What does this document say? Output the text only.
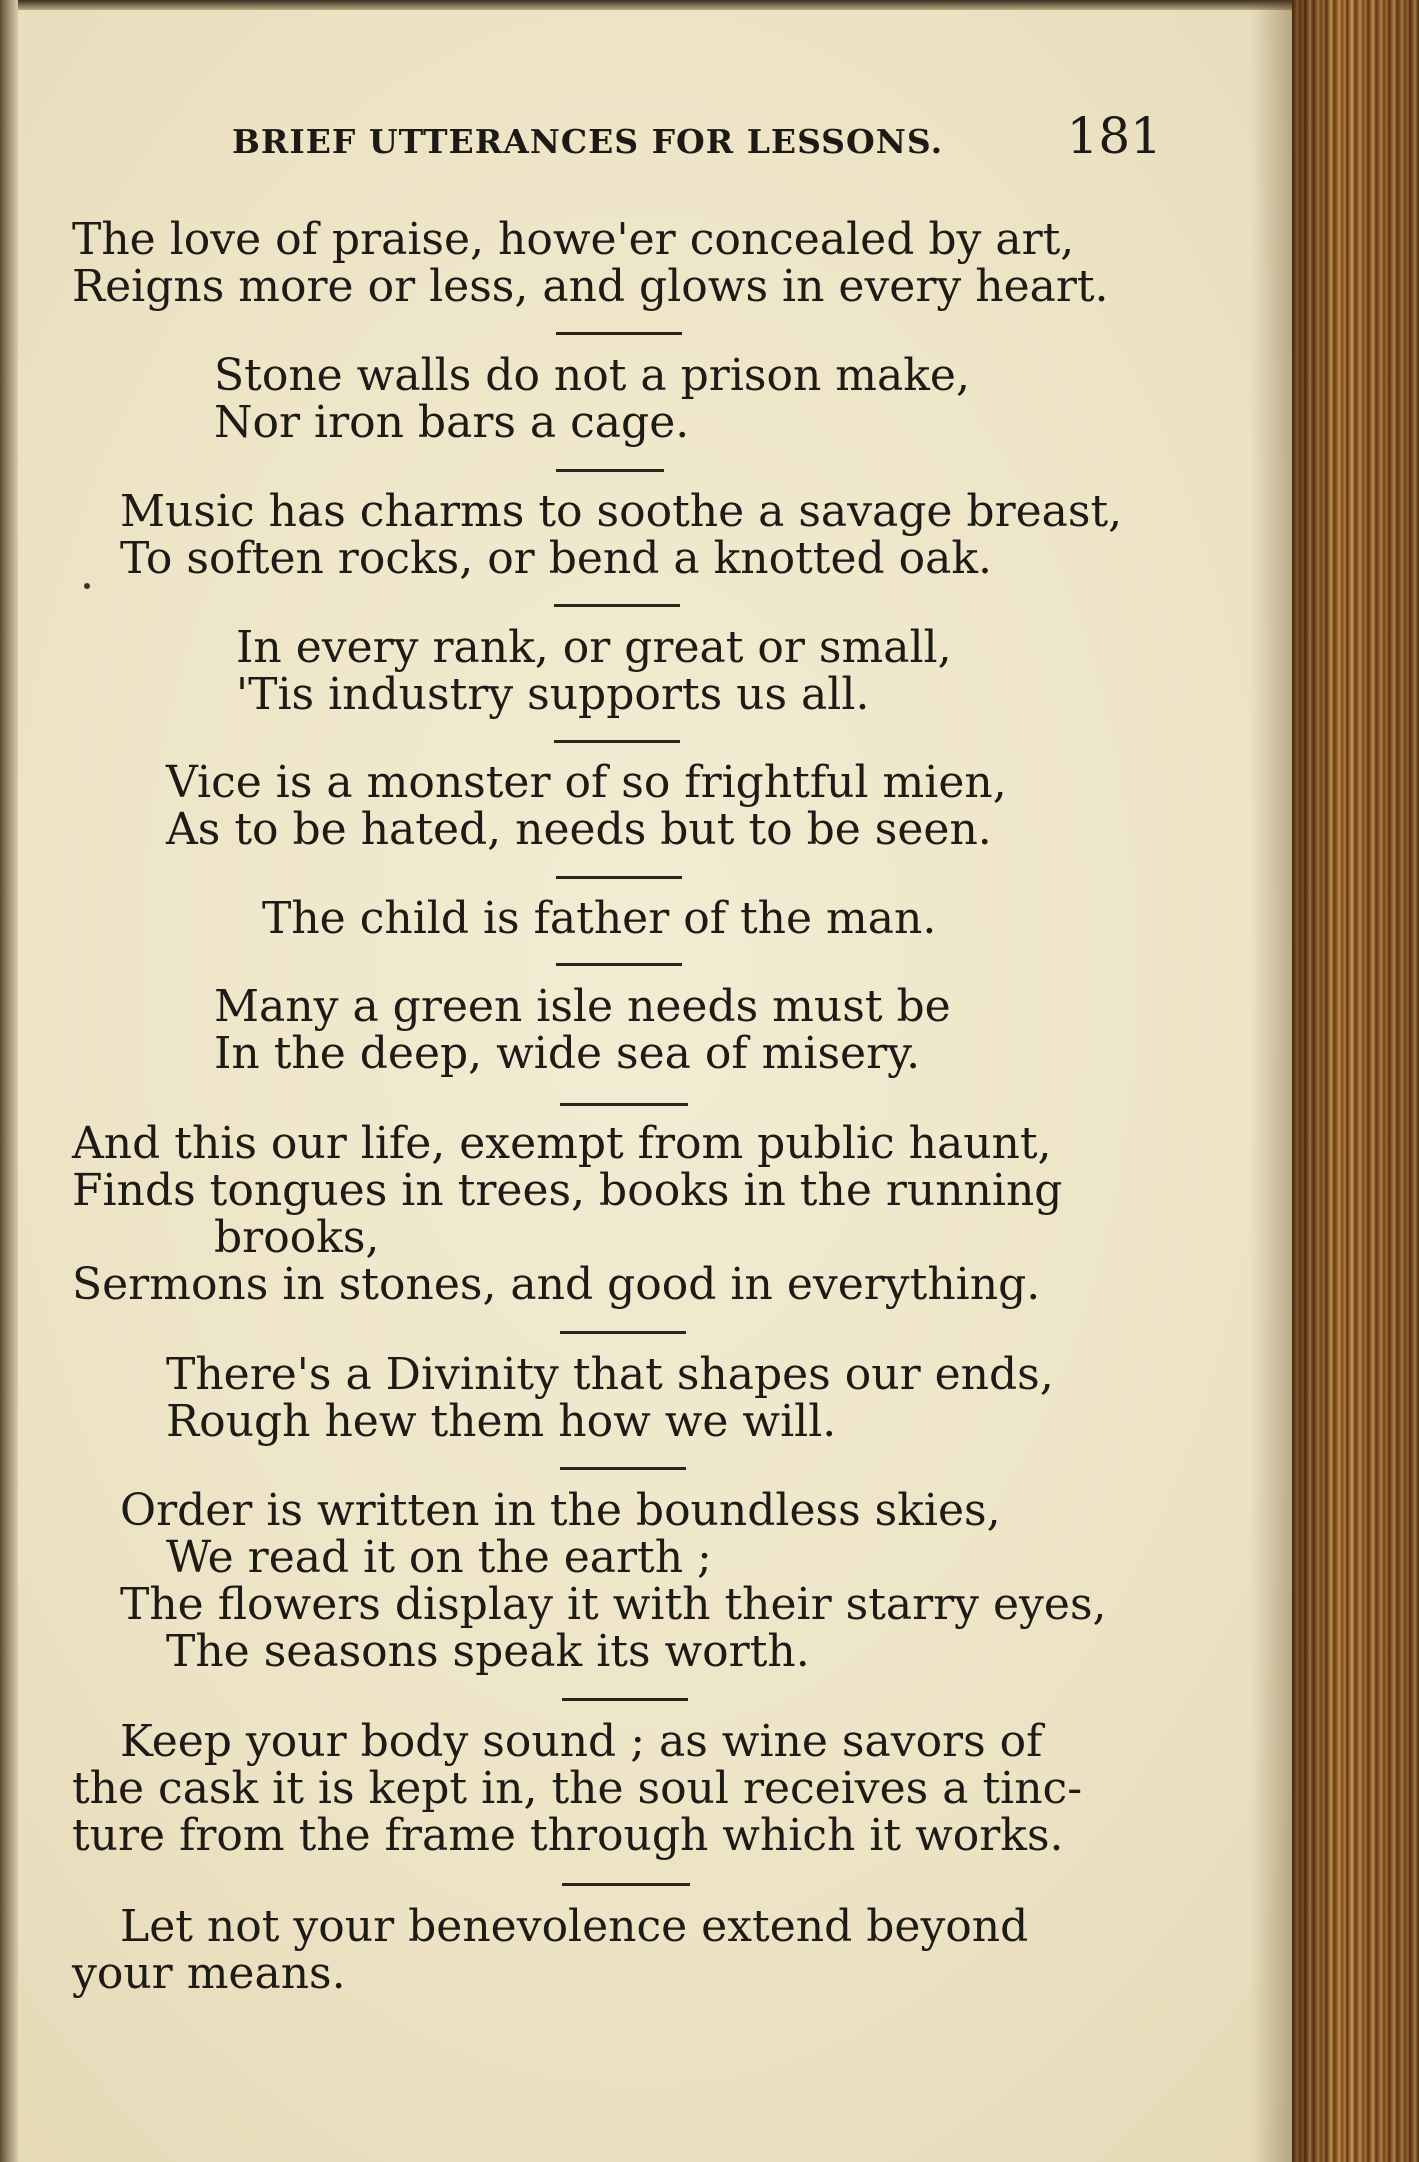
BRIEF UTTERANCES FOR LESSONS. 181
The love of praise, howe'er concealed by art,
Reigns more or less, and glows in every heart.
Stone walls do not a prison make,
Nor iron bars a cage.
Music has charms to soothe a savage breast,
To soften rocks, or bend a knotted oak.
In every rank, or great or small,
'Tis industry supports us all.
Vice is a monster of so frightful mien,
As to be hated, needs but to be seen.
The child is father of the man.
Many a green isle needs must be
In the deep, wide sea of misery.
And this our life, exempt from public haunt,
Finds tongues in trees, books in the running
brooks,
Sermons in stones, and good in everything.
There's a Divinity that shapes our ends,
Rough hew them how we will.
Order is written in the boundless skies,
We read it on the earth ;
The flowers display it with their starry eyes,
The seasons speak its worth.
Keep your body sound ; as wine savors of
the cask it is kept in, the soul receives a tinc-
ture from the frame through which it works.
Let not your benevolence extend beyond
your means.
